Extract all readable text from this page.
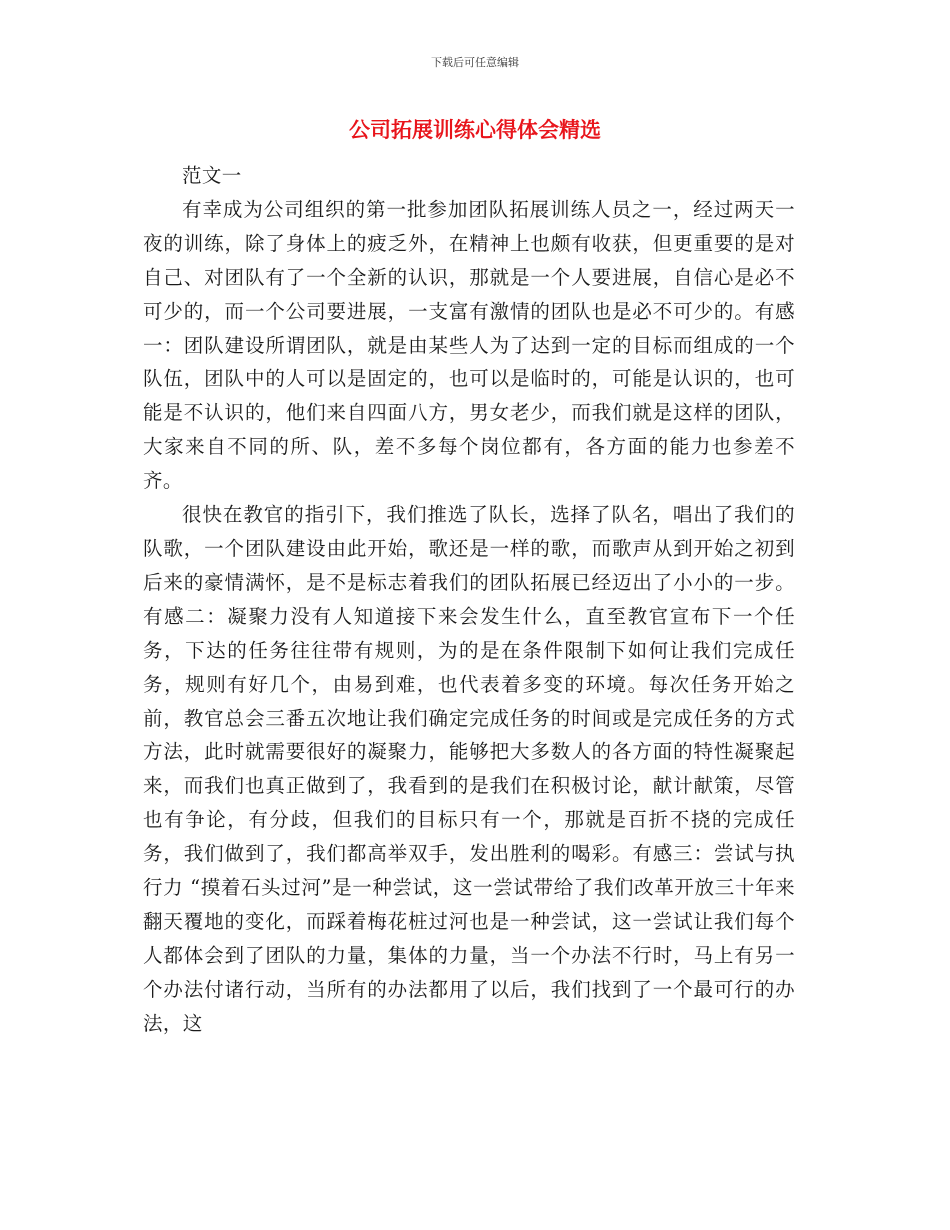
下载后可任意编辑
公司拓展训练心得体会精选

范文一

有幸成为公司组织的第一批参加团队拓展训练人员之一，经过两天一夜的训练，除了身体上的疲乏外，在精神上也颇有收获，但更重要的是对自己、对团队有了一个全新的认识，那就是一个人要进展，自信心是必不可少的，而一个公司要进展，一支富有激情的团队也是必不可少的。有感一：团队建设所谓团队，就是由某些人为了达到一定的目标而组成的一个队伍，团队中的人可以是固定的，也可以是临时的，可能是认识的，也可能是不认识的，他们来自四面八方，男女老少，而我们就是这样的团队，大家来自不同的所、队，差不多每个岗位都有，各方面的能力也参差不齐。

很快在教官的指引下，我们推选了队长，选择了队名，唱出了我们的队歌，一个团队建设由此开始，歌还是一样的歌，而歌声从到开始之初到后来的豪情满怀，是不是标志着我们的团队拓展已经迈出了小小的一步。有感二：凝聚力没有人知道接下来会发生什么，直至教官宣布下一个任务，下达的任务往往带有规则，为的是在条件限制下如何让我们完成任务，规则有好几个，由易到难，也代表着多变的环境。每次任务开始之前，教官总会三番五次地让我们确定完成任务的时间或是完成任务的方式方法，此时就需要很好的凝聚力，能够把大多数人的各方面的特性凝聚起来，而我们也真正做到了，我看到的是我们在积极讨论，献计献策，尽管也有争论，有分歧，但我们的目标只有一个，那就是百折不挠的完成任务，我们做到了，我们都高举双手，发出胜利的喝彩。有感三：尝试与执行力 “摸着石头过河”是一种尝试，这一尝试带给了我们改革开放三十年来翻天覆地的变化，而踩着梅花桩过河也是一种尝试，这一尝试让我们每个人都体会到了团队的力量，集体的力量，当一个办法不行时，马上有另一个办法付诸行动，当所有的办法都用了以后，我们找到了一个最可行的办法，这
